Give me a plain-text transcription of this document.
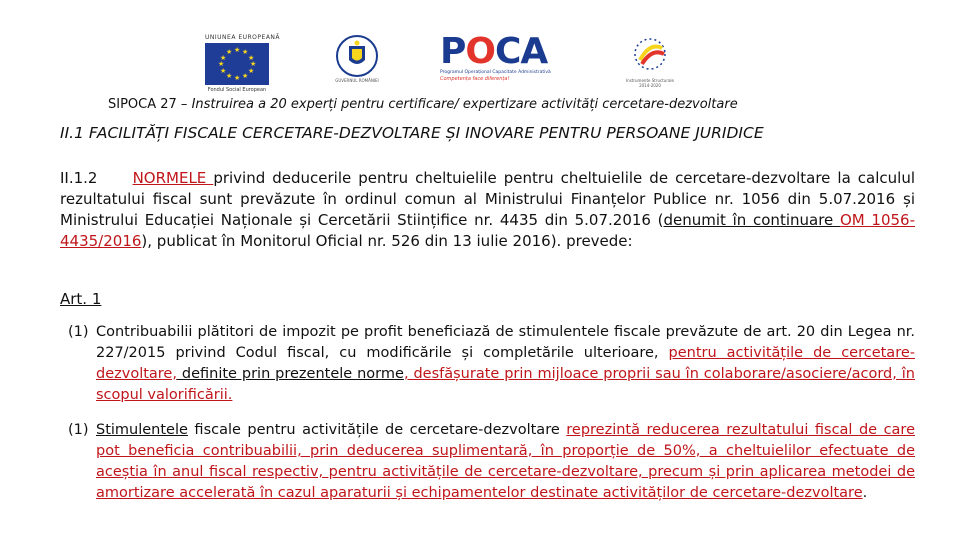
UNIUNEA EUROPEANĂ
★ ★
★
★
★
★
★
★
★
★
★
★
Fondul Social European
GUVERNUL ROMÂNIEI
POCA
Programul Operațional Capacitate Administrativă
Competența face diferența!	Instrumente Structurale 2014-2020
SIPOCA 27 – Instruirea a 20 experți pentru certificare/ expertizare activități cercetare-dezvoltare
II.1 FACILITĂȚI FISCALE CERCETARE-DEZVOLTARE ȘI INOVARE PENTRU PERSOANE JURIDICE
II.1.2     NORMELE privind deducerile pentru cheltuielile pentru cheltuielile de cercetare-dezvoltare la calculul rezultatului fiscal sunt prevăzute în ordinul comun al Ministrului Finanțelor Publice nr. 1056 din 5.07.2016 și Ministrului Educației Naționale și Cercetării Stiințifice nr. 4435 din 5.07.2016 (denumit în continuare OM 1056-4435/2016), publicat în Monitorul Oficial nr. 526 din 13 iulie 2016). prevede:
Art. 1
(1) Contribuabilii plătitori de impozit pe profit beneficiază de stimulentele fiscale prevăzute de art. 20 din Legea nr. 227/2015 privind Codul fiscal, cu modificările și completările ulterioare, pentru activitățile de cercetare-dezvoltare, definite prin prezentele norme, desfășurate prin mijloace proprii sau în colaborare/asociere/acord, în scopul valorificării.
(1) Stimulentele fiscale pentru activitățile de cercetare-dezvoltare reprezintă reducerea rezultatului fiscal de care pot beneficia contribuabilii, prin deducerea suplimentară, în proporție de 50%, a cheltuielilor efectuate de aceștia în anul fiscal respectiv, pentru activitățile de cercetare-dezvoltare, precum și prin aplicarea metodei de amortizare accelerată în cazul aparaturii și echipamentelor destinate activităților de cercetare-dezvoltare.
